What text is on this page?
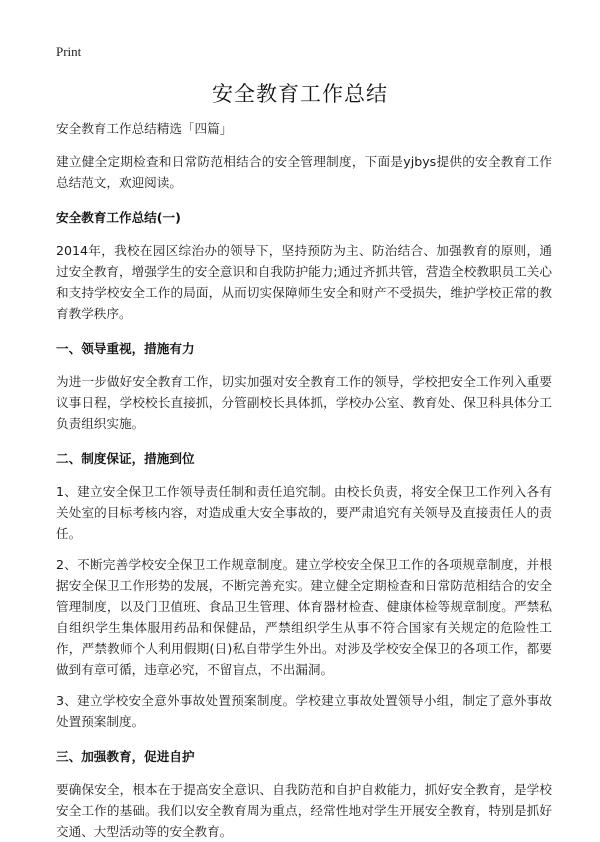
Print
安全教育工作总结

安全教育工作总结精选「四篇」

建立健全定期检查和日常防范相结合的安全管理制度，下面是yjbys提供的安全教育工作总结范文，欢迎阅读。

安全教育工作总结(一)

2014年，我校在园区综治办的领导下，坚持预防为主、防治结合、加强教育的原则，通过安全教育，增强学生的安全意识和自我防护能力;通过齐抓共管，营造全校教职员工关心和支持学校安全工作的局面，从而切实保障师生安全和财产不受损失，维护学校正常的教育教学秩序。

一、领导重视，措施有力

为进一步做好安全教育工作，切实加强对安全教育工作的领导，学校把安全工作列入重要议事日程，学校校长直接抓，分管副校长具体抓，学校办公室、教育处、保卫科具体分工负责组织实施。

二、制度保证，措施到位

1、建立安全保卫工作领导责任制和责任追究制。由校长负责，将安全保卫工作列入各有关处室的目标考核内容，对造成重大安全事故的，要严肃追究有关领导及直接责任人的责任。

2、不断完善学校安全保卫工作规章制度。建立学校安全保卫工作的各项规章制度，并根据安全保卫工作形势的发展，不断完善充实。建立健全定期检查和日常防范相结合的安全管理制度，以及门卫值班、食品卫生管理、体育器材检查、健康体检等规章制度。严禁私自组织学生集体服用药品和保健品，严禁组织学生从事不符合国家有关规定的危险性工作，严禁教师个人利用假期(日)私自带学生外出。对涉及学校安全保卫的各项工作，都要做到有章可循，违章必究，不留盲点，不出漏洞。

3、建立学校安全意外事故处置预案制度。学校建立事故处置领导小组，制定了意外事故处置预案制度。

三、加强教育，促进自护

要确保安全，根本在于提高安全意识、自我防范和自护自救能力，抓好安全教育，是学校安全工作的基础。我们以安全教育周为重点，经常性地对学生开展安全教育，特别是抓好交通、大型活动等的安全教育。
